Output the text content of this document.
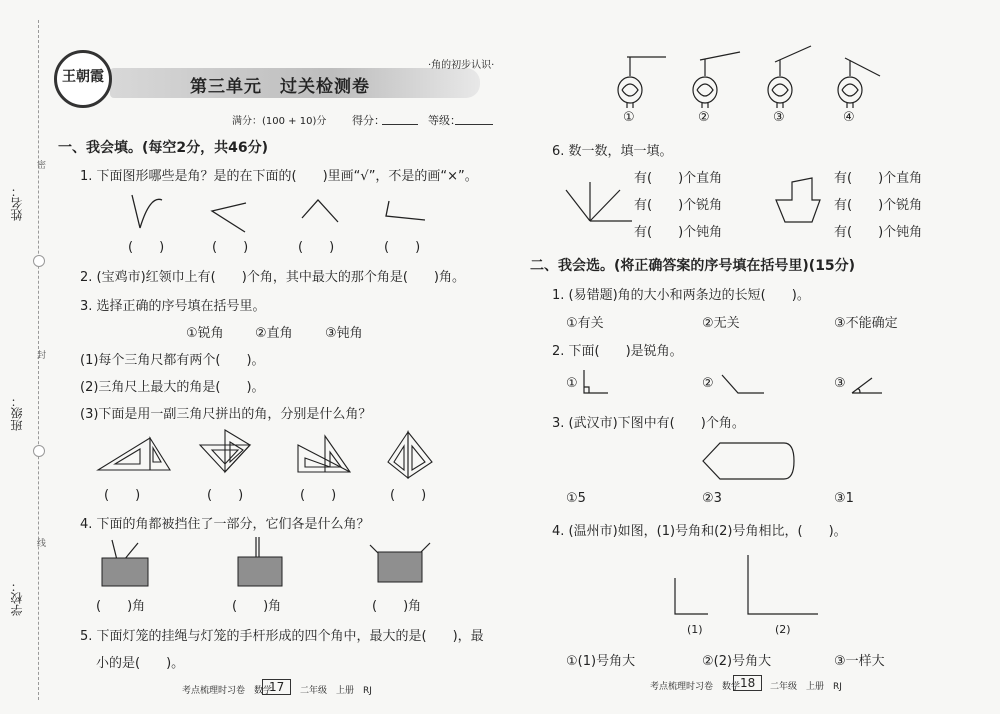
姓名：
班级：
学校：
密
封
线
王朝霞
·角的初步认识·
第三单元　过关检测卷
满分：(100 + 10)分 得分：	等级：
一、我会填。(每空2分，共46分)
1. 下面图形哪些是角？是的在下面的(　　)里画“√”，不是的画“×”。
(　　)	(　　)	(　　)	(　　)
2. (宝鸡市)红领巾上有(　　)个角，其中最大的那个角是(　　)角。
3. 选择正确的序号填在括号里。
①锐角 ②直角 ③钝角
(1)每个三角尺都有两个(　　)。
(2)三角尺上最大的角是(　　)。
(3)下面是用一副三角尺拼出的角，分别是什么角？
(　　)	(　　)	(　　)	(　　)
4. 下面的角都被挡住了一部分，它们各是什么角？
(　　)角	(　　)角	(　　)角
5. 下面灯笼的挂绳与灯笼的手杆形成的四个角中，最大的是(　　)，最
小的是(　　)。
考点梳理时习卷　数学
17	二年级　上册　RJ
①	②	③	④
6. 数一数，填一填。
有(　　)个直角
有(　　)个锐角
有(　　)个钝角
有(　　)个直角
有(　　)个锐角
有(　　)个钝角
二、我会选。(将正确答案的序号填在括号里)(15分)
1. (易错题)角的大小和两条边的长短(　　)。
①有关	②无关	③不能确定
2. 下面(　　)是锐角。
①	②	③
3. (武汉市)下图中有(　　)个角。
①5	②3	③1
4. (温州市)如图，(1)号角和(2)号角相比，(　　)。
(1)	(2)
①(1)号角大	②(2)号角大	③一样大
考点梳理时习卷　数学 18	二年级　上册　RJ
